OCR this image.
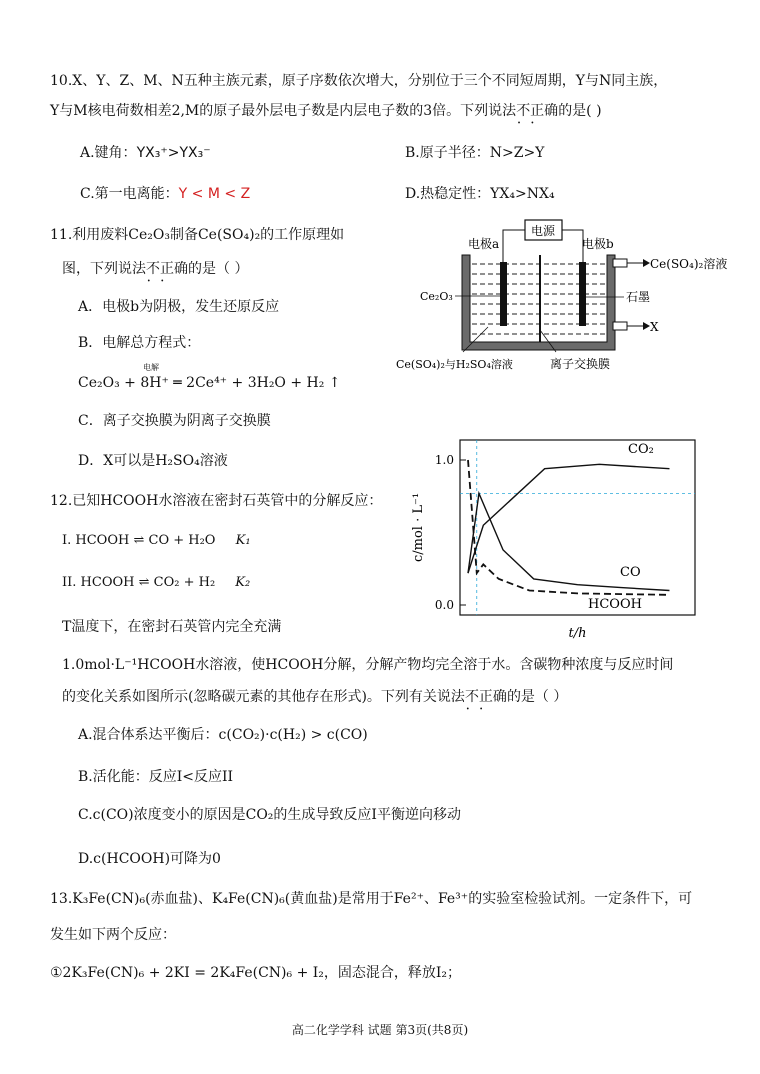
10.X、Y、Z、M、N五种主族元素，原子序数依次增大，分别位于三个不同短周期，Y与N同主族，
Y与M核电荷数相差2,M的原子最外层电子数是内层电子数的3倍。下列说法不正确 • •的是( )
A.键角：YX₃⁺>YX₃⁻	B.原子半径：N>Z>Y
C.第一电离能：Y < M < Z	D.热稳定性：YX₄>NX₄
11.利用废料Ce₂O₃制备Ce(SO₄)₂的工作原理如
图，下列说法不正确 • •的是（ ）
A．电极b为阴极，发生还原反应
B．电解总方程式：
电解
Ce₂O₃ + 8H⁺ ═ 2Ce⁴⁺ + 3H₂O + H₂ ↑
C．离子交换膜为阴离子交换膜
D．X可以是H₂SO₄溶液
电源
电极a	电极b
Ce(SO₄)₂溶液
X
石墨
Ce₂O₃
Ce(SO₄)₂与H₂SO₄溶液	离子交换膜
12.已知HCOOH水溶液在密封石英管中的分解反应：
I. HCOOH ⇌ CO + H₂O K₁
II. HCOOH ⇌ CO₂ + H₂ K₂
T温度下，在密封石英管内完全充满
1.0mol·L⁻¹HCOOH水溶液，使HCOOH分解，分解产物均完全溶于水。含碳物种浓度与反应时间
的变化关系如图所示(忽略碳元素的其他存在形式)。下列有关说法不正确 • •的是（ ）
A.混合体系达平衡后：c(CO₂)·c(H₂) > c(CO)
B.活化能：反应I<反应II
C.c(CO)浓度变小的原因是CO₂的生成导致反应I平衡逆向移动
D.c(HCOOH)可降为0
1.0
0.0
CO₂
CO
HCOOH
t/h
c/mol · L⁻¹
13.K₃Fe(CN)₆(赤血盐)、K₄Fe(CN)₆(黄血盐)是常用于Fe²⁺、Fe³⁺的实验室检验试剂。一定条件下，可
发生如下两个反应：
①2K₃Fe(CN)₆ + 2KI = 2K₄Fe(CN)₆ + I₂，固态混合，释放I₂；
高二化学学科 试题 第3页(共8页)
